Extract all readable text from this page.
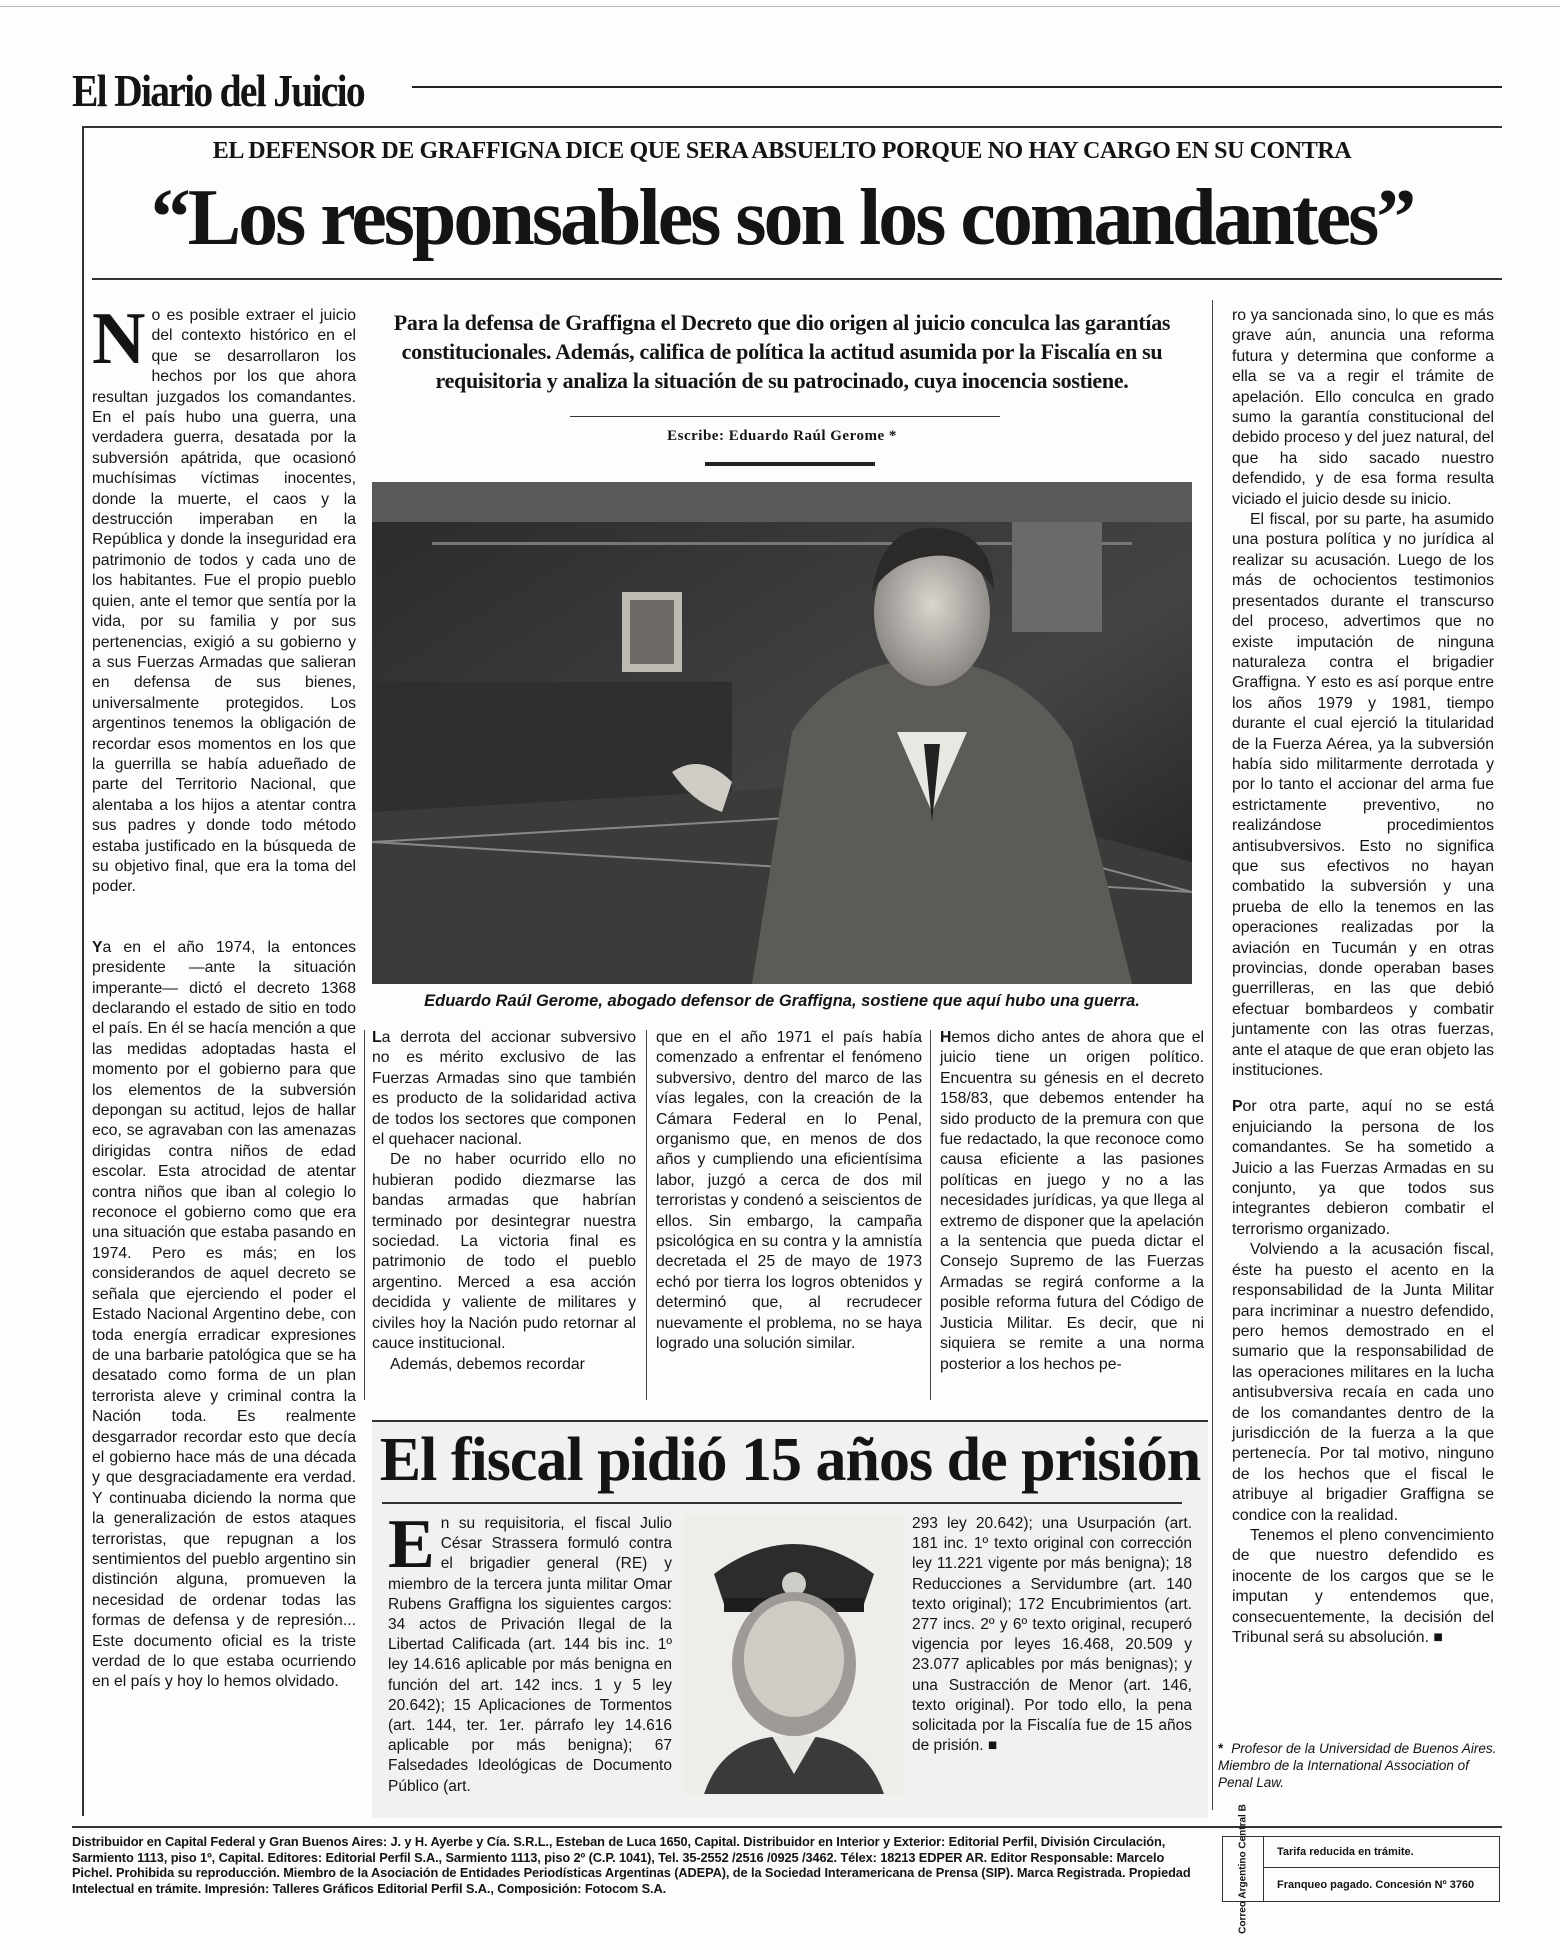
El Diario del Juicio
EL DEFENSOR DE GRAFFIGNA DICE QUE SERA ABSUELTO PORQUE NO HAY CARGO EN SU CONTRA
“Los responsables son los comandantes”

No es posible extraer el juicio del contexto histórico en el que se desarrollaron los hechos por los que ahora resultan juzgados los comandantes. En el país hubo una guerra, una verdadera guerra, desatada por la subversión apátrida, que ocasionó muchísimas víctimas inocentes, donde la muerte, el caos y la destrucción imperaban en la República y donde la inseguridad era patrimonio de todos y cada uno de los habitantes. Fue el propio pueblo quien, ante el temor que sentía por la vida, por su familia y por sus pertenencias, exigió a su gobierno y a sus Fuerzas Armadas que salieran en defensa de sus bienes, universalmente protegidos. Los argentinos tenemos la obligación de recordar esos momentos en los que la guerrilla se había adueñado de parte del Territorio Nacional, que alentaba a los hijos a atentar contra sus padres y donde todo método estaba justificado en la búsqueda de su objetivo final, que era la toma del poder.

Ya en el año 1974, la entonces presidente —ante la situación imperante— dictó el decreto 1368 declarando el estado de sitio en todo el país. En él se hacía mención a que las medidas adoptadas hasta el momento por el gobierno para que los elementos de la subversión depongan su actitud, lejos de hallar eco, se agravaban con las amenazas dirigidas contra niños de edad escolar. Esta atrocidad de atentar contra niños que iban al colegio lo reconoce el gobierno como que era una situación que estaba pasando en 1974. Pero es más; en los considerandos de aquel decreto se señala que ejerciendo el poder el Estado Nacional Argentino debe, con toda energía erradicar expresiones de una barbarie patológica que se ha desatado como forma de un plan terrorista aleve y criminal contra la Nación toda. Es realmente desgarrador recordar esto que decía el gobierno hace más de una década y que desgraciadamente era verdad. Y continuaba diciendo la norma que la generalización de estos ataques terroristas, que repugnan a los sentimientos del pueblo argentino sin distinción alguna, promueven la necesidad de ordenar todas las formas de defensa y de represión... Este documento oficial es la triste verdad de lo que estaba ocurriendo en el país y hoy lo hemos olvidado.

Para la defensa de Graffigna el Decreto que dio origen al juicio conculca las garantías constitucionales. Además, califica de política la actitud asumida por la Fiscalía en su requisitoria y analiza la situación de su patrocinado, cuya inocencia sostiene.
Escribe: Eduardo Raúl Gerome *
Eduardo Raúl Gerome, abogado defensor de Graffigna, sostiene que aquí hubo una guerra.

La derrota del accionar subversivo no es mérito exclusivo de las Fuerzas Armadas sino que también es producto de la solidaridad activa de todos los sectores que componen el quehacer nacional.

De no haber ocurrido ello no hubieran podido diezmarse las bandas armadas que habrían terminado por desintegrar nuestra sociedad. La victoria final es patrimonio de todo el pueblo argentino. Merced a esa acción decidida y valiente de militares y civiles hoy la Nación pudo retornar al cauce institucional.

Además, debemos recordar

que en el año 1971 el país había comenzado a enfrentar el fenómeno subversivo, dentro del marco de las vías legales, con la creación de la Cámara Federal en lo Penal, organismo que, en menos de dos años y cumpliendo una eficientísima labor, juzgó a cerca de dos mil terroristas y condenó a seiscientos de ellos. Sin embargo, la campaña psicológica en su contra y la amnistía decretada el 25 de mayo de 1973 echó por tierra los logros obtenidos y determinó que, al recrudecer nuevamente el problema, no se haya logrado una solución similar.

Hemos dicho antes de ahora que el juicio tiene un origen político. Encuentra su génesis en el decreto 158/83, que debemos entender ha sido producto de la premura con que fue redactado, la que reconoce como causa eficiente a las pasiones políticas en juego y no a las necesidades jurídicas, ya que llega al extremo de disponer que la apelación a la sentencia que pueda dictar el Consejo Supremo de las Fuerzas Armadas se regirá conforme a la posible reforma futura del Código de Justicia Militar. Es decir, que ni siquiera se remite a una norma posterior a los hechos pe-

ro ya sancionada sino, lo que es más grave aún, anuncia una reforma futura y determina que conforme a ella se va a regir el trámite de apelación. Ello conculca en grado sumo la garantía constitucional del debido proceso y del juez natural, del que ha sido sacado nuestro defendido, y de esa forma resulta viciado el juicio desde su inicio.

El fiscal, por su parte, ha asumido una postura política y no jurídica al realizar su acusación. Luego de los más de ochocientos testimonios presentados durante el transcurso del proceso, advertimos que no existe imputación de ninguna naturaleza contra el brigadier Graffigna. Y esto es así porque entre los años 1979 y 1981, tiempo durante el cual ejerció la titularidad de la Fuerza Aérea, ya la subversión había sido militarmente derrotada y por lo tanto el accionar del arma fue estrictamente preventivo, no realizándose procedimientos antisubversivos. Esto no significa que sus efectivos no hayan combatido la subversión y una prueba de ello la tenemos en las operaciones realizadas por la aviación en Tucumán y en otras provincias, donde operaban bases guerrilleras, en las que debió efectuar bombardeos y combatir juntamente con las otras fuerzas, ante el ataque de que eran objeto las instituciones.

Por otra parte, aquí no se está enjuiciando la persona de los comandantes. Se ha sometido a Juicio a las Fuerzas Armadas en su conjunto, ya que todos sus integrantes debieron combatir el terrorismo organizado.

Volviendo a la acusación fiscal, éste ha puesto el acento en la responsabilidad de la Junta Militar para incriminar a nuestro defendido, pero hemos demostrado en el sumario que la responsabilidad de las operaciones militares en la lucha antisubversiva recaía en cada uno de los comandantes dentro de la jurisdicción de la fuerza a la que pertenecía. Por tal motivo, ninguno de los hechos que el fiscal le atribuye al brigadier Graffigna se condice con la realidad.

Tenemos el pleno convencimiento de que nuestro defendido es inocente de los cargos que se le imputan y entendemos que, consecuentemente, la decisión del Tribunal será su absolución. ■

El fiscal pidió 15 años de prisión

En su requisitoria, el fiscal Julio César Strassera formuló contra el brigadier general (RE) y miembro de la tercera junta militar Omar Rubens Graffigna los siguientes cargos: 34 actos de Privación Ilegal de la Libertad Calificada (art. 144 bis inc. 1º ley 14.616 aplicable por más benigna en función del art. 142 incs. 1 y 5 ley 20.642); 15 Aplicaciones de Tormentos (art. 144, ter. 1er. párrafo ley 14.616 aplicable por más benigna); 67 Falsedades Ideológicas de Documento Público (art.

293 ley 20.642); una Usurpación (art. 181 inc. 1º texto original con corrección ley 11.221 vigente por más benigna); 18 Reducciones a Servidumbre (art. 140 texto original); 172 Encubrimientos (art. 277 incs. 2º y 6º texto original, recuperó vigencia por leyes 16.468, 20.509 y 23.077 aplicables por más benignas); y una Sustracción de Menor (art. 146, texto original). Por todo ello, la pena solicitada por la Fiscalía fue de 15 años de prisión. ■	* Profesor de la Universidad de Buenos Aires. Miembro de la International Association of Penal Law.
Distribuidor en Capital Federal y Gran Buenos Aires: J. y H. Ayerbe y Cía. S.R.L., Esteban de Luca 1650, Capital. Distribuidor en Interior y Exterior: Editorial Perfil, División Circulación, Sarmiento 1113, piso 1º, Capital. Editores: Editorial Perfil S.A., Sarmiento 1113, piso 2º (C.P. 1041), Tel. 35-2552 /2516 /0925 /3462. Télex: 18213 EDPER AR. Editor Responsable: Marcelo Pichel. Prohibida su reproducción. Miembro de la Asociación de Entidades Periodísticas Argentinas (ADEPA), de la Sociedad Interamericana de Prensa (SIP). Marca Registrada. Propiedad Intelectual en trámite. Impresión: Talleres Gráficos Editorial Perfil S.A., Composición: Fotocom S.A.	Correo Argentino Central B	Tarifa reducida en trámite.
Franqueo pagado. Concesión Nº 3760
